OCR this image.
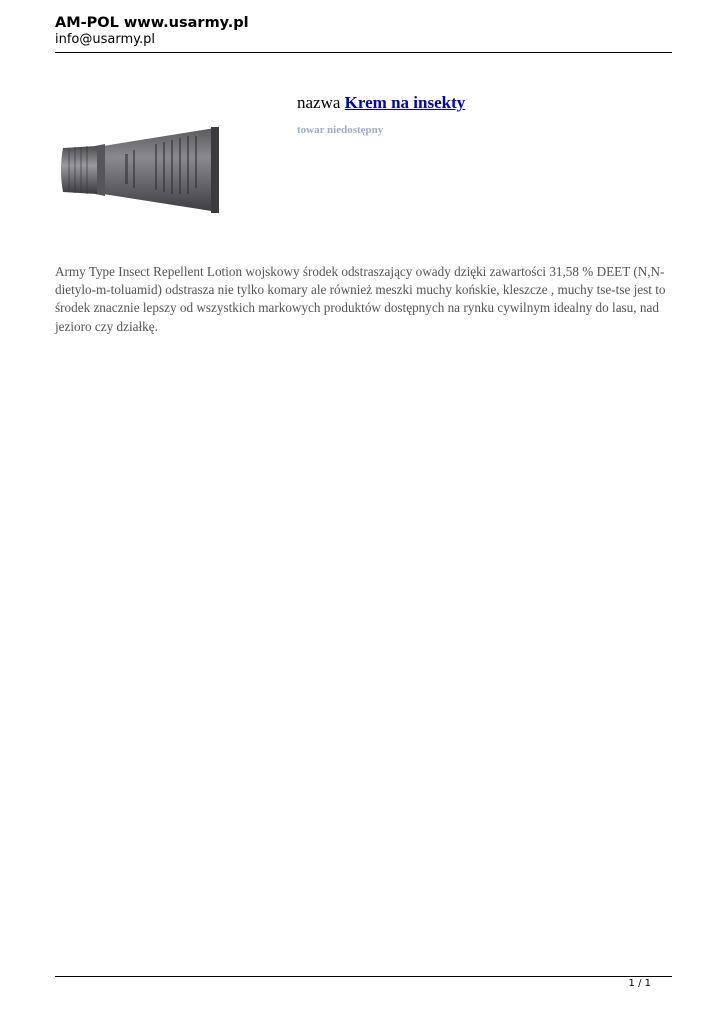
AM-POL www.usarmy.pl
info@usarmy.pl
nazwa Krem na insekty
towar niedostępny
Army Type Insect Repellent Lotion wojskowy środek odstraszający owady dzięki zawartości 31,58 % DEET (N,N-dietylo-m-toluamid) odstrasza nie tylko komary ale również meszki muchy końskie, kleszcze , muchy tse-tse jest to środek znacznie lepszy od wszystkich markowych produktów dostępnych na rynku cywilnym idealny do lasu, nad jezioro czy działkę.
1 / 1
